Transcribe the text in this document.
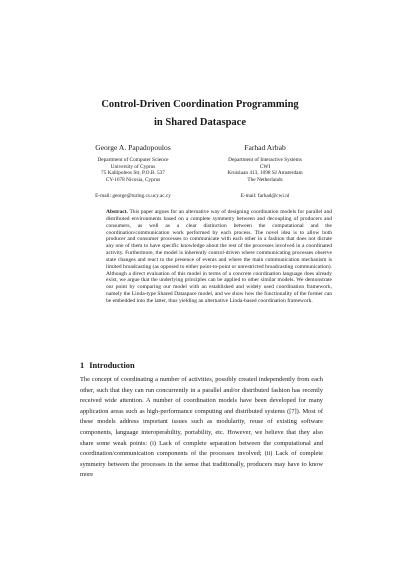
Control-Driven Coordination Programming
in Shared Dataspace
George A. Papadopoulos	Farhad Arbab
Department of Computer Science
University of Cyprus
75 Kallipoleos Str, P.O.B. 537
CY-1678 Nicosia, Cyprus
Department of Interactive Systems
CWI
Kruislaan 413, 1098 SJ Amsterdam
The Netherlands
E-mail: george@turing.cs.ucy.ac.cy	E-mail: farhad@cwi.nl
Abstract. This paper argues for an alternative way of designing coordination models for parallel and distributed environments based on a complete symmetry between and decoupling of producers and consumers, as well as a clear distinction between the computational and the coordination/communication work performed by each process. The novel idea is to allow both producer and consumer processes to communicate with each other in a fashion that does not dictate any one of them to have specific knowledge about the rest of the processes involved in a coordinated activity. Furthermore, the model is inherently control-driven where communicating processes observe state changes and react to the presence of events and where the main communication mechanism is limited broadcasting (as opposed to either point-to-point or unrestricted broadcasting communication). Although a direct evaluation of this model in terms of a concrete coordination language does already exist, we argue that the underlying principles can be applied to other similar models. We demonstrate our point by comparing our model with an established and widely used coordination framework, namely the Linda-type Shared Dataspace model, and we show how the functionality of the former can be embedded into the latter, thus yielding an alternative Linda-based coordination framework.
1 Introduction
The concept of coordinating a number of activities, possibly created independently from each other, such that they can run concurrently in a parallel and/or distributed fashion has recently received wide attention. A number of coordination models have been developed for many application areas such as high-performance computing and distributed systems ([7]). Most of these models address important issues such as modularity, reuse of existing software components, language interoperability, portability, etc. However, we believe that they also share some weak points: (i) Lack of complete separation between the computational and coordination/communication components of the processes involved; (ii) Lack of complete symmetry between the processes in the sense that traditionally, producers may have to know more
